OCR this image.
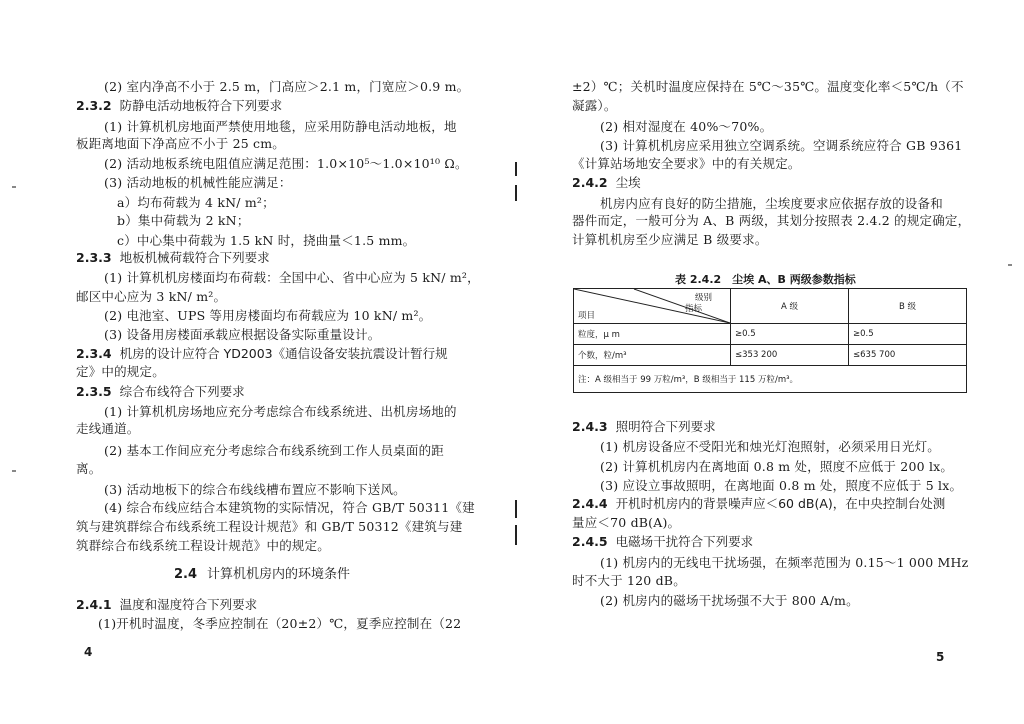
(2) 室内净高不小于 2.5 m，门高应＞2.1 m，门宽应＞0.9 m。
2.3.2 防静电活动地板符合下列要求
(1) 计算机机房地面严禁使用地毯，应采用防静电活动地板，地
板距离地面下净高应不小于 25 cm。
(2) 活动地板系统电阻值应满足范围：1.0×10⁵～1.0×10¹⁰ Ω。
(3) 活动地板的机械性能应满足：
a）均布荷载为 4 kN/ m²；
b）集中荷载为 2 kN；
c）中心集中荷载为 1.5 kN 时，挠曲量＜1.5 mm。
2.3.3 地板机械荷载符合下列要求
(1) 计算机机房楼面均布荷载：全国中心、省中心应为 5 kN/ m²，
邮区中心应为 3 kN/ m²。
(2) 电池室、UPS 等用房楼面均布荷载应为 10 kN/ m²。
(3) 设备用房楼面承载应根据设备实际重量设计。
2.3.4 机房的设计应符合 YD2003《通信设备安装抗震设计暂行规
定》中的规定。
2.3.5 综合布线符合下列要求
(1) 计算机机房场地应充分考虑综合布线系统进、出机房场地的
走线通道。
(2) 基本工作间应充分考虑综合布线系统到工作人员桌面的距
离。
(3) 活动地板下的综合布线线槽布置应不影响下送风。
(4) 综合布线应结合本建筑物的实际情况，符合 GB/T 50311《建
筑与建筑群综合布线系统工程设计规范》和 GB/T 50312《建筑与建
筑群综合布线系统工程设计规范》中的规定。
2.4 计算机机房内的环境条件
2.4.1 温度和湿度符合下列要求
(1)开机时温度，冬季应控制在（20±2）℃，夏季应控制在（22
4
±2）℃；关机时温度应保持在 5℃～35℃。温度变化率＜5℃/h（不
凝露）。
(2) 相对湿度在 40%～70%。
(3) 计算机机房应采用独立空调系统。空调系统应符合 GB 9361
《计算站场地安全要求》中的有关规定。
2.4.2 尘埃
机房内应有良好的防尘措施，尘埃度要求应依据存放的设备和
器件而定，一般可分为 A、B 两级，其划分按照表 2.4.2 的规定确定，
计算机机房至少应满足 B 级要求。
表 2.4.2　尘埃 A、B 两级参数指标
级别
指标
项目	A 级	B 级
粒度，μ m	≥0.5	≥0.5
个数，粒/m³	≤353 200	≤635 700
注：A 级相当于 99 万粒/m³，B 级相当于 115 万粒/m³。		
2.4.3 照明符合下列要求
(1) 机房设备应不受阳光和烛光灯泡照射，必须采用日光灯。
(2) 计算机机房内在离地面 0.8 m 处，照度不应低于 200 lx。
(3) 应设立事故照明，在离地面 0.8 m 处，照度不应低于 5 lx。
2.4.4 开机时机房内的背景噪声应＜60 dB(A)，在中央控制台处测
量应＜70 dB(A)。
2.4.5 电磁场干扰符合下列要求
(1) 机房内的无线电干扰场强，在频率范围为 0.15～1 000 MHz
时不大于 120 dB。
(2) 机房内的磁场干扰场强不大于 800 A/m。
5
